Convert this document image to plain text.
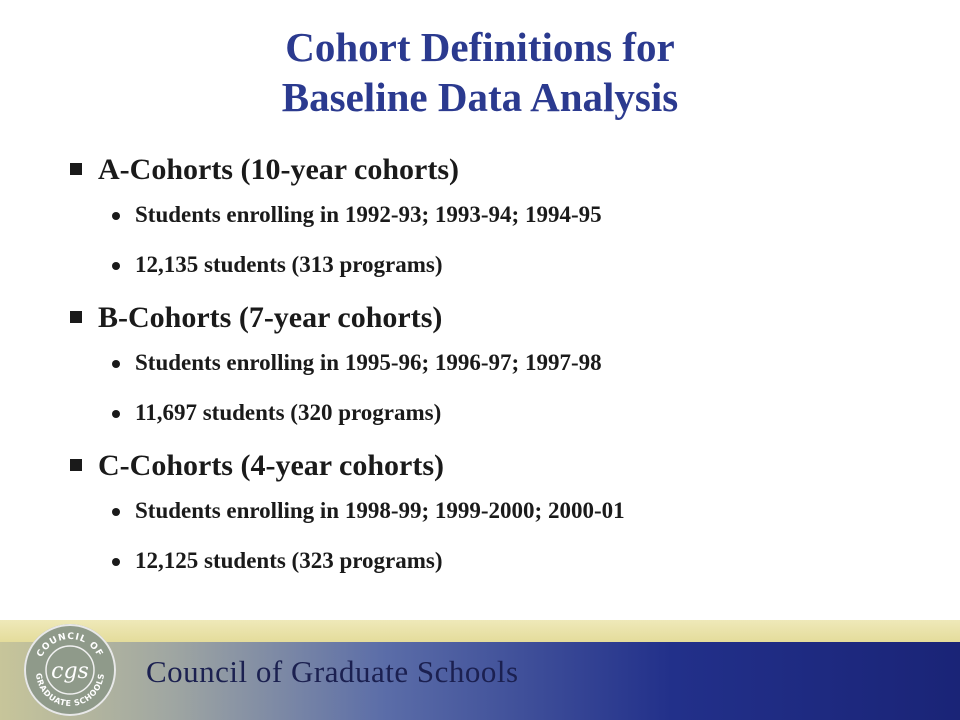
Cohort Definitions for
Baseline Data Analysis
A-Cohorts (10-year cohorts)
Students enrolling in 1992-93; 1993-94; 1994-95
12,135 students (313 programs)
B-Cohorts (7-year cohorts)
Students enrolling in 1995-96; 1996-97; 1997-98
11,697 students (320 programs)
C-Cohorts (4-year cohorts)
Students enrolling in 1998-99; 1999-2000; 2000-01
12,125 students (323 programs)
COUNCIL OF
GRADUATE SCHOOLS
cgs Council of Graduate Schools
